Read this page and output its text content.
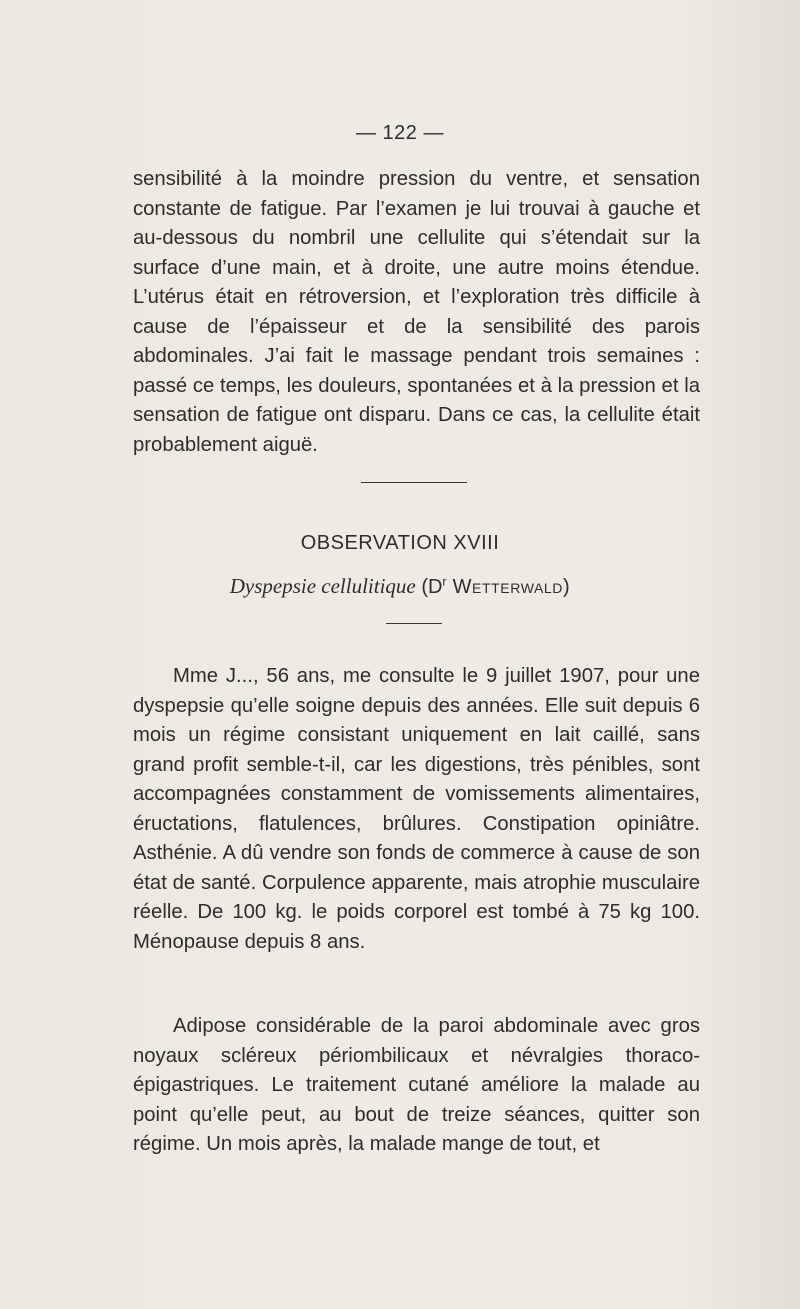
— 122 —

sensibilité à la moindre pression du ventre, et sensation constante de fatigue. Par l’examen je lui trouvai à gauche et au-dessous du nombril une cellulite qui s’étendait sur la surface d’une main, et à droite, une autre moins étendue. L’utérus était en rétroversion, et l’exploration très difficile à cause de l’épaisseur et de la sensibilité des parois abdominales. J’ai fait le massage pendant trois semaines : passé ce temps, les douleurs, spontanées et à la pression et la sensation de fatigue ont disparu. Dans ce cas, la cellulite était probablement aiguë.

OBSERVATION XVIII
Dyspepsie cellulitique ($D^r$ Wetterwald)

Mme J..., 56 ans, me consulte le 9 juillet 1907, pour une dyspepsie qu’elle soigne depuis des années. Elle suit depuis 6 mois un régime consistant uniquement en lait caillé, sans grand profit semble-t-il, car les digestions, très pénibles, sont accompagnées constamment de vomissements alimentaires, éructations, flatulences, brûlures. Constipation opiniâtre. Asthénie. A dû vendre son fonds de commerce à cause de son état de santé. Corpulence apparente, mais atrophie musculaire réelle. De 100 kg. le poids corporel est tombé à 75 kg 100. Ménopause depuis 8 ans.

Adipose considérable de la paroi abdominale avec gros noyaux scléreux périombilicaux et névralgies thoraco-épigastriques. Le traitement cutané améliore la malade au point qu’elle peut, au bout de treize séances, quitter son régime. Un mois après, la malade mange de tout, et
